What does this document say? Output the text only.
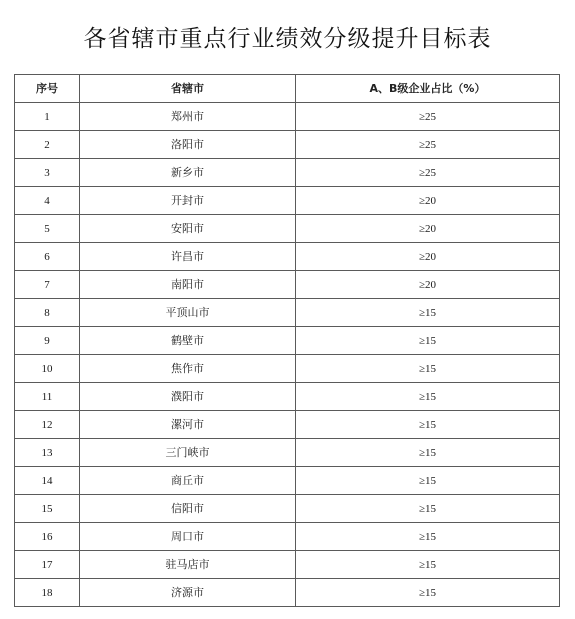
各省辖市重点行业绩效分级提升目标表
序号	省辖市	A、B级企业占比（%）
1	郑州市	≥25
2	洛阳市	≥25
3	新乡市	≥25
4	开封市	≥20
5	安阳市	≥20
6	许昌市	≥20
7	南阳市	≥20
8	平顶山市	≥15
9	鹤壁市	≥15
10	焦作市	≥15
11	濮阳市	≥15
12	漯河市	≥15
13	三门峡市	≥15
14	商丘市	≥15
15	信阳市	≥15
16	周口市	≥15
17	驻马店市	≥15
18	济源市	≥15
